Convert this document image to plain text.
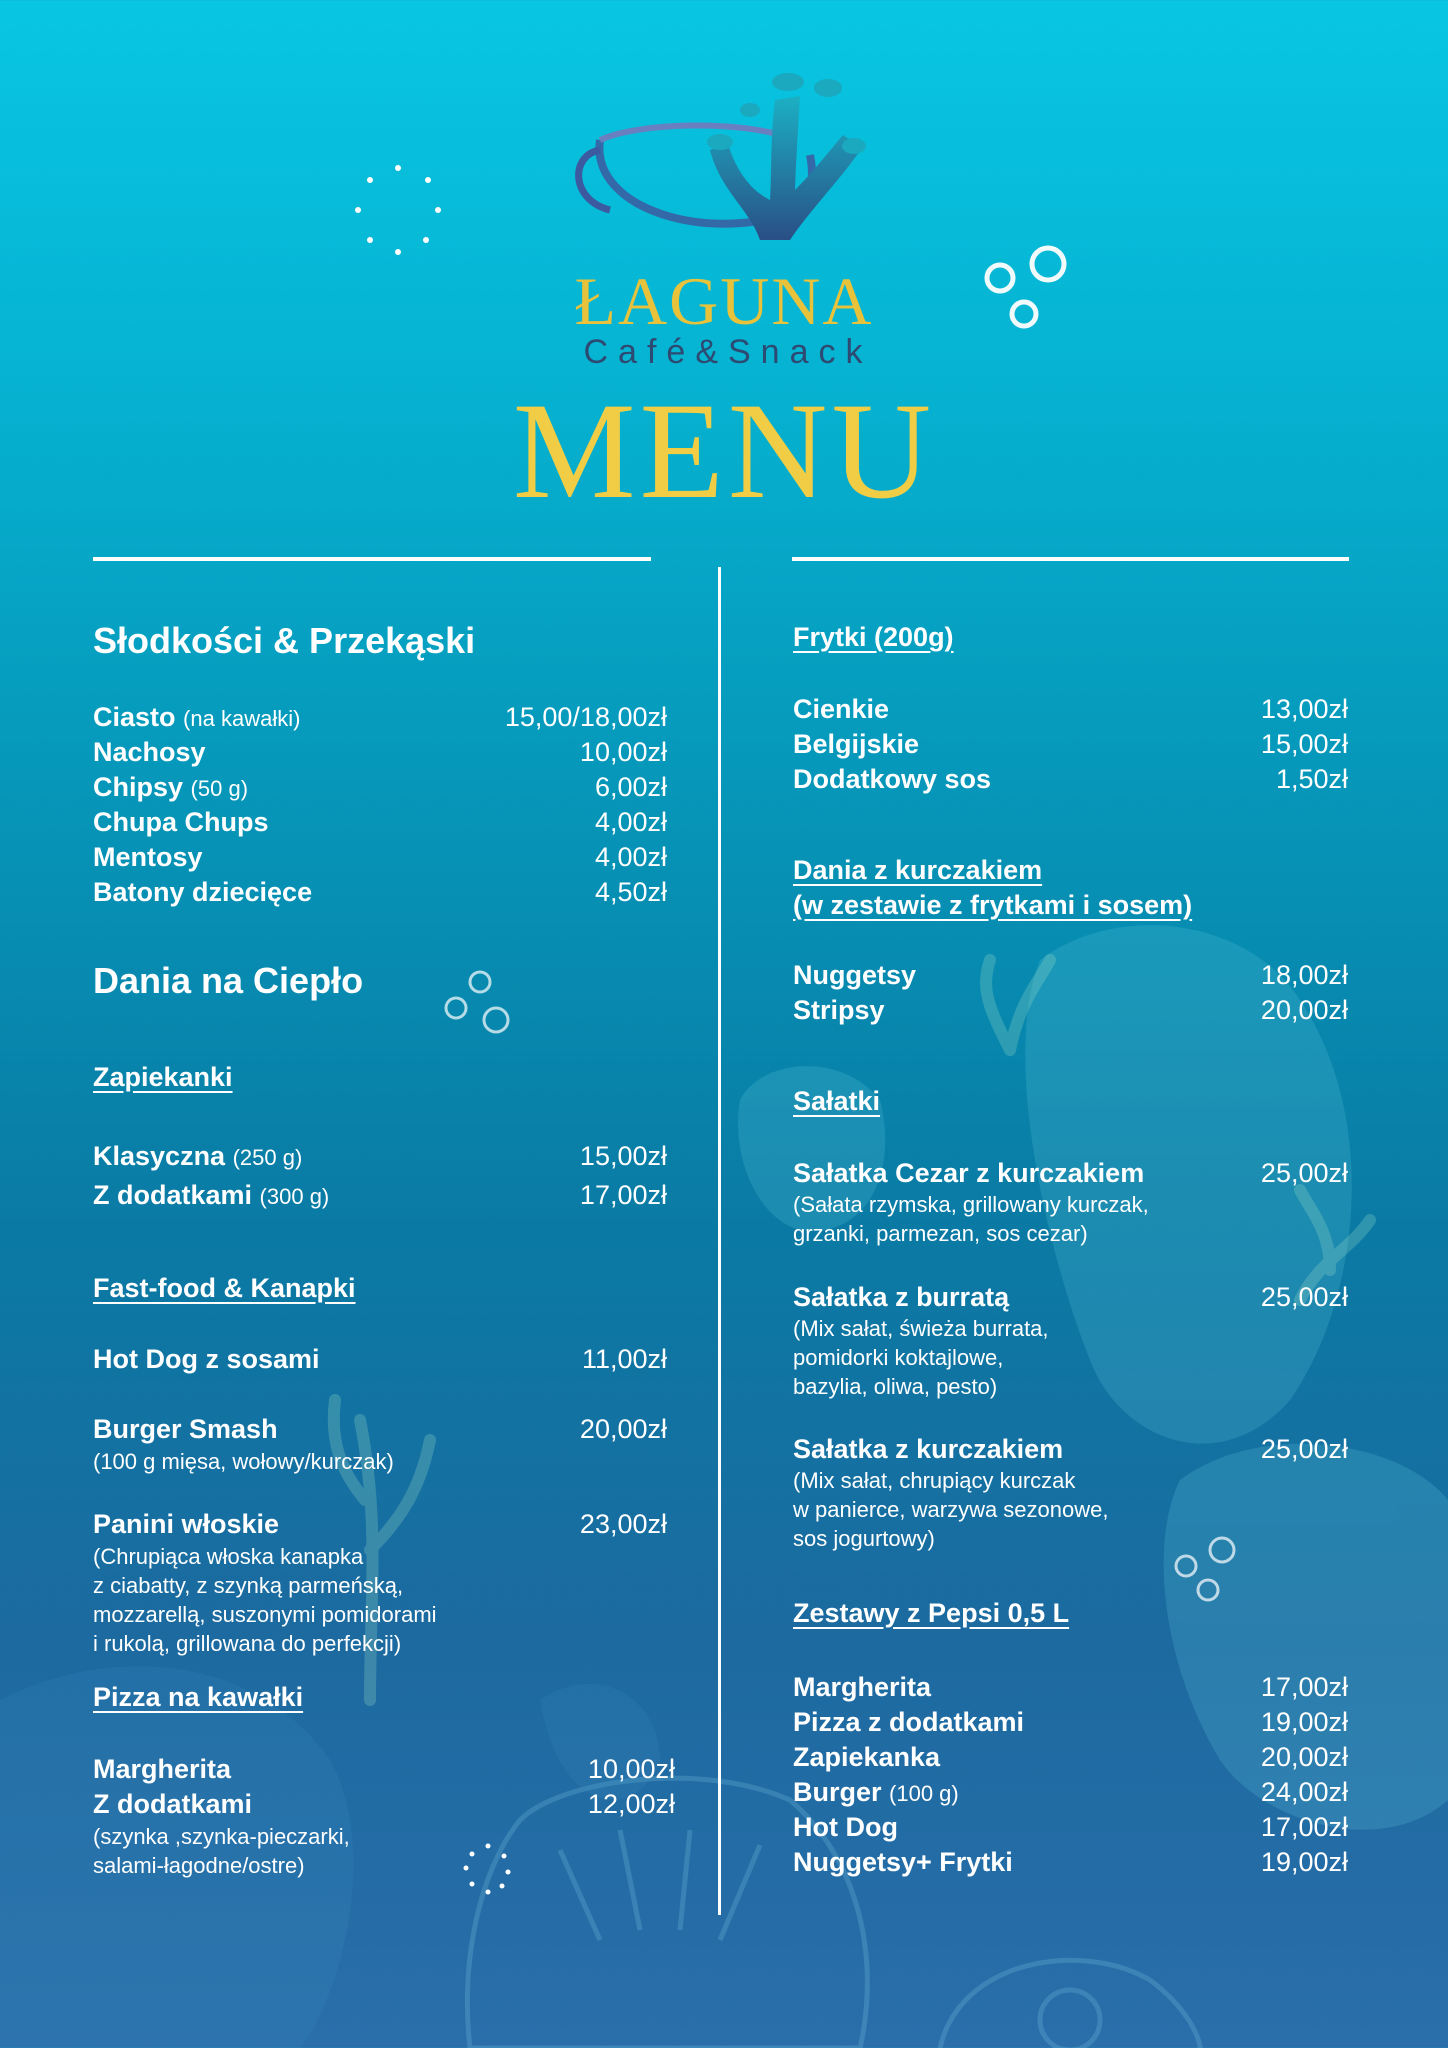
ŁAGUNA
Café&Snack
MENU
Słodkości & Przekąski
Ciasto (na kawałki)	15,00/18,00zł
Nachosy	10,00zł
Chipsy (50 g)	6,00zł
Chupa Chups	4,00zł
Mentosy	4,00zł
Batony dziecięce	4,50zł
Dania na Ciepło
Zapiekanki
Klasyczna (250 g)	15,00zł
Z dodatkami (300 g)	17,00zł
Fast-food & Kanapki
Hot Dog z sosami	11,00zł
Burger Smash	20,00zł
(100 g mięsa, wołowy/kurczak)
Panini włoskie	23,00zł
(Chrupiąca włoska kanapka
z ciabatty, z szynką parmeńską,
mozzarellą, suszonymi pomidorami
i rukolą, grillowana do perfekcji)
Pizza na kawałki
Margherita	10,00zł
Z dodatkami	12,00zł
(szynka ,szynka-pieczarki,
salami-łagodne/ostre)
Frytki (200g)
Cienkie	13,00zł
Belgijskie	15,00zł
Dodatkowy sos	1,50zł
Dania z kurczakiem
(w zestawie z frytkami i sosem)
Nuggetsy	18,00zł
Stripsy	20,00zł
Sałatki
Sałatka Cezar z kurczakiem	25,00zł
(Sałata rzymska, grillowany kurczak,
grzanki, parmezan, sos cezar)
Sałatka z burratą	25,00zł
(Mix sałat, świeża burrata,
pomidorki koktajlowe,
bazylia, oliwa, pesto)
Sałatka z kurczakiem	25,00zł
(Mix sałat, chrupiący kurczak
w panierce, warzywa sezonowe,
sos jogurtowy)
Zestawy z Pepsi 0,5 L
Margherita	17,00zł
Pizza z dodatkami	19,00zł
Zapiekanka	20,00zł
Burger (100 g)	24,00zł
Hot Dog	17,00zł
Nuggetsy+ Frytki	19,00zł
